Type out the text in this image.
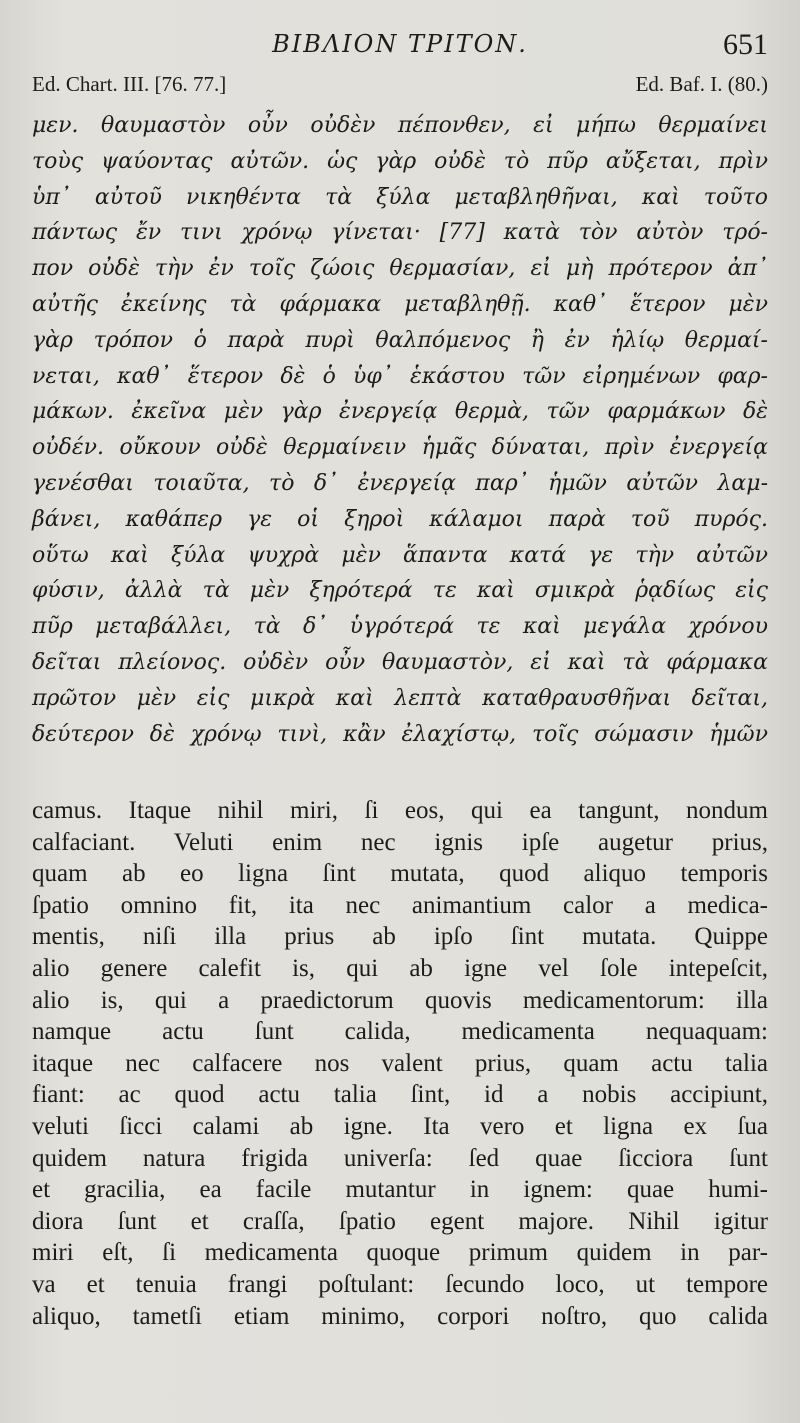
ΒΙΒΛΙΟΝ ΤΡΙΤΟΝ.	651
Ed. Chart. III. [76. 77.]	Ed. Baf. I. (80.)
μεν. θαυμαστὸν οὖν οὐδὲν πέπονθεν, εἰ μήπω θερμαίνει
τοὺς ψαύοντας αὐτῶν. ὡς γὰρ οὐδὲ τὸ πῦρ αὔξεται, πρὶν
ὑπ᾽ αὐτοῦ νικηθέντα τὰ ξύλα μεταβληθῆναι, καὶ τοῦτο
πάντως ἔν τινι χρόνῳ γίνεται· [77] κατὰ τὸν αὐτὸν τρό-
πον οὐδὲ τὴν ἐν τοῖς ζώοις θερμασίαν, εἰ μὴ πρότερον ἀπ᾽
αὐτῆς ἐκείνης τὰ φάρμακα μεταβληθῇ. καθ᾽ ἕτερον μὲν
γὰρ τρόπον ὁ παρὰ πυρὶ θαλπόμενος ἢ ἐν ἡλίῳ θερμαί-
νεται, καθ᾽ ἕτερον δὲ ὁ ὑφ᾽ ἑκάστου τῶν εἰρημένων φαρ-
μάκων. ἐκεῖνα μὲν γὰρ ἐνεργείᾳ θερμὰ, τῶν φαρμάκων δὲ
οὐδέν. οὔκουν οὐδὲ θερμαίνειν ἡμᾶς δύναται, πρὶν ἐνεργείᾳ
γενέσθαι τοιαῦτα, τὸ δ᾽ ἐνεργείᾳ παρ᾽ ἡμῶν αὐτῶν λαμ-
βάνει, καθάπερ γε οἱ ξηροὶ κάλαμοι παρὰ τοῦ πυρός.
οὕτω καὶ ξύλα ψυχρὰ μὲν ἅπαντα κατά γε τὴν αὐτῶν
φύσιν, ἀλλὰ τὰ μὲν ξηρότερά τε καὶ σμικρὰ ῥᾳδίως εἰς
πῦρ μεταβάλλει, τὰ δ᾽ ὑγρότερά τε καὶ μεγάλα χρόνου
δεῖται πλείονος. οὐδὲν οὖν θαυμαστὸν, εἰ καὶ τὰ φάρμακα
πρῶτον μὲν εἰς μικρὰ καὶ λεπτὰ καταθραυσθῆναι δεῖται,
δεύτερον δὲ χρόνῳ τινὶ, κἂν ἐλαχίστῳ, τοῖς σώμασιν ἡμῶν
camus. Itaque nihil miri, ſi eos, qui ea tangunt, nondum
calfaciant. Veluti enim nec ignis ipſe augetur prius,
quam ab eo ligna ſint mutata, quod aliquo temporis
ſpatio omnino fit, ita nec animantium calor a medica-
mentis, niſi illa prius ab ipſo ſint mutata. Quippe
alio genere calefit is, qui ab igne vel ſole intepeſcit,
alio is, qui a praedictorum quovis medicamentorum: illa
namque actu ſunt calida, medicamenta nequaquam:
itaque nec calfacere nos valent prius, quam actu talia
fiant: ac quod actu talia ſint, id a nobis accipiunt,
veluti ſicci calami ab igne. Ita vero et ligna ex ſua
quidem natura frigida univerſa: ſed quae ſicciora ſunt
et gracilia, ea facile mutantur in ignem: quae humi-
diora ſunt et craſſa, ſpatio egent majore. Nihil igitur
miri eſt, ſi medicamenta quoque primum quidem in par-
va et tenuia frangi poſtulant: ſecundo loco, ut tempore
aliquo, tametſi etiam minimo, corpori noſtro, quo calida
